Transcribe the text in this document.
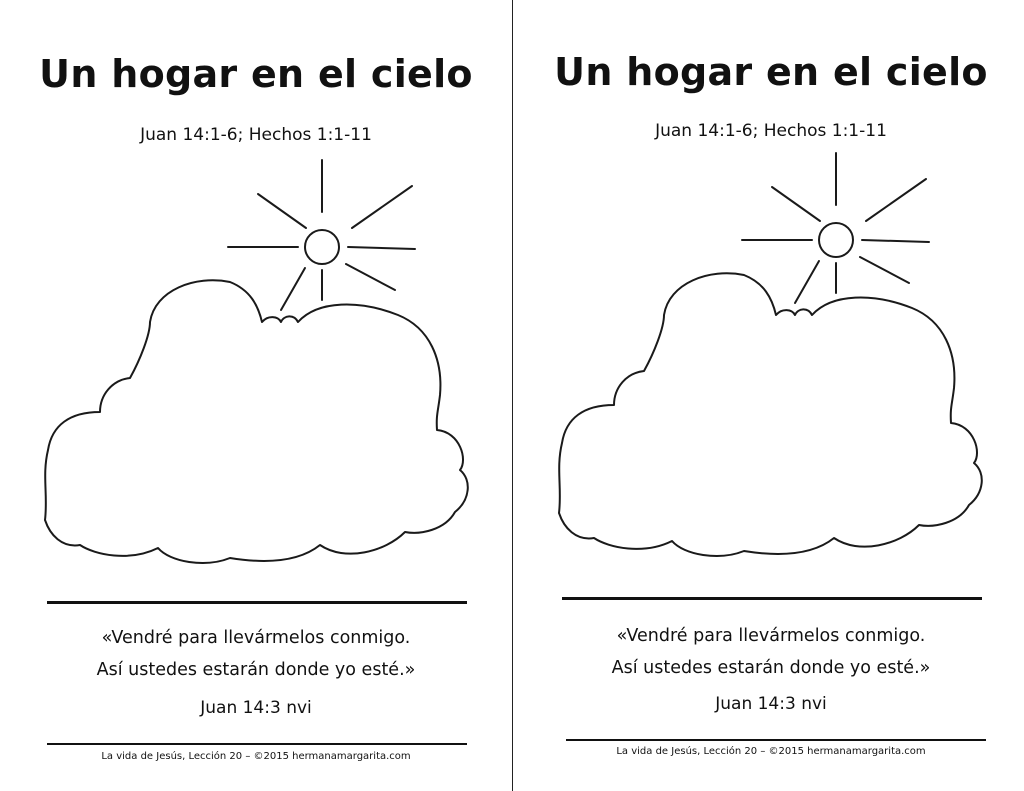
Un hogar en el cielo
Juan 14:1-6; Hechos 1:1-11
«Vendré para llevármelos conmigo.
Así ustedes estarán donde yo esté.»
Juan 14:3 nvi
La vida de Jesús, Lección 20 – ©2015 hermanamargarita.com
Un hogar en el cielo
Juan 14:1-6; Hechos 1:1-11
«Vendré para llevármelos conmigo.
Así ustedes estarán donde yo esté.»
Juan 14:3 nvi
La vida de Jesús, Lección 20 – ©2015 hermanamargarita.com
